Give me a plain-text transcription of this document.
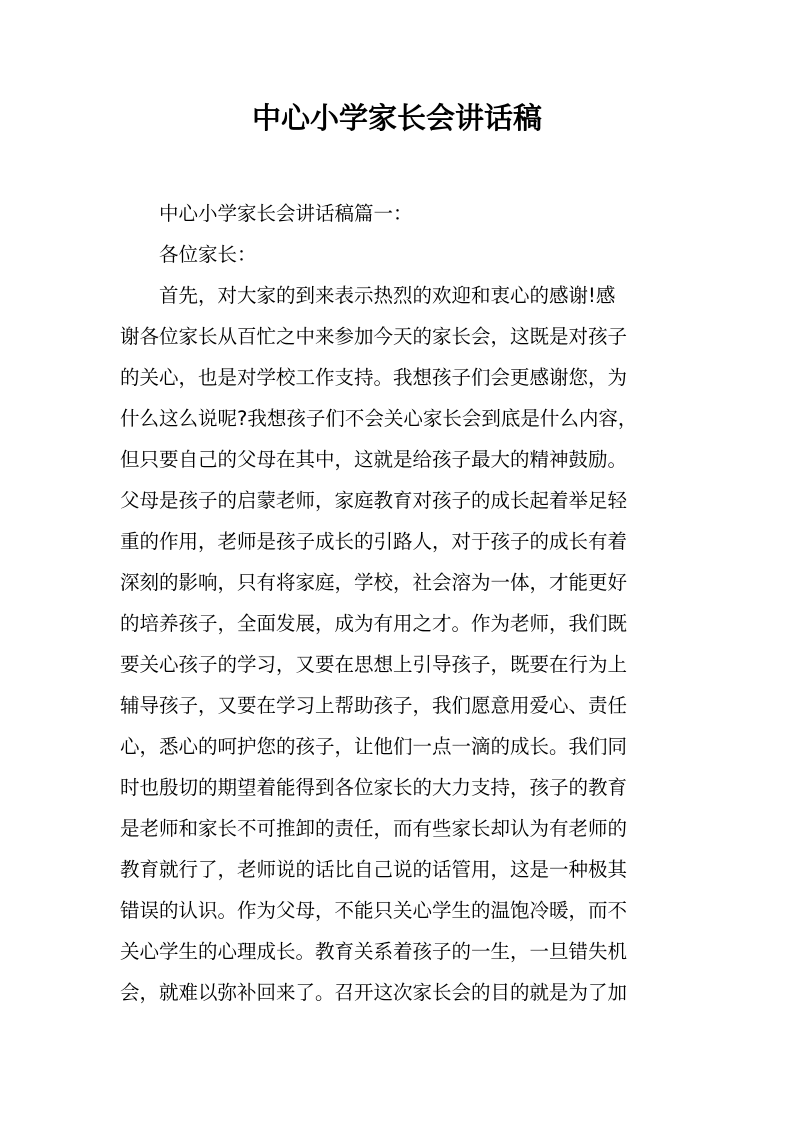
中心小学家长会讲话稿
中心小学家长会讲话稿篇一：
各位家长：
首先，对大家的到来表示热烈的欢迎和衷心的感谢!感
谢各位家长从百忙之中来参加今天的家长会，这既是对孩子
的关心，也是对学校工作支持。我想孩子们会更感谢您，为
什么这么说呢?我想孩子们不会关心家长会到底是什么内容，
但只要自己的父母在其中，这就是给孩子最大的精神鼓励。
父母是孩子的启蒙老师，家庭教育对孩子的成长起着举足轻
重的作用，老师是孩子成长的引路人，对于孩子的成长有着
深刻的影响，只有将家庭，学校，社会溶为一体，才能更好
的培养孩子，全面发展，成为有用之才。作为老师，我们既
要关心孩子的学习，又要在思想上引导孩子，既要在行为上
辅导孩子，又要在学习上帮助孩子，我们愿意用爱心、责任
心，悉心的呵护您的孩子，让他们一点一滴的成长。我们同
时也殷切的期望着能得到各位家长的大力支持，孩子的教育
是老师和家长不可推卸的责任，而有些家长却认为有老师的
教育就行了，老师说的话比自己说的话管用，这是一种极其
错误的认识。作为父母，不能只关心学生的温饱冷暖，而不
关心学生的心理成长。教育关系着孩子的一生，一旦错失机
会，就难以弥补回来了。召开这次家长会的目的就是为了加
